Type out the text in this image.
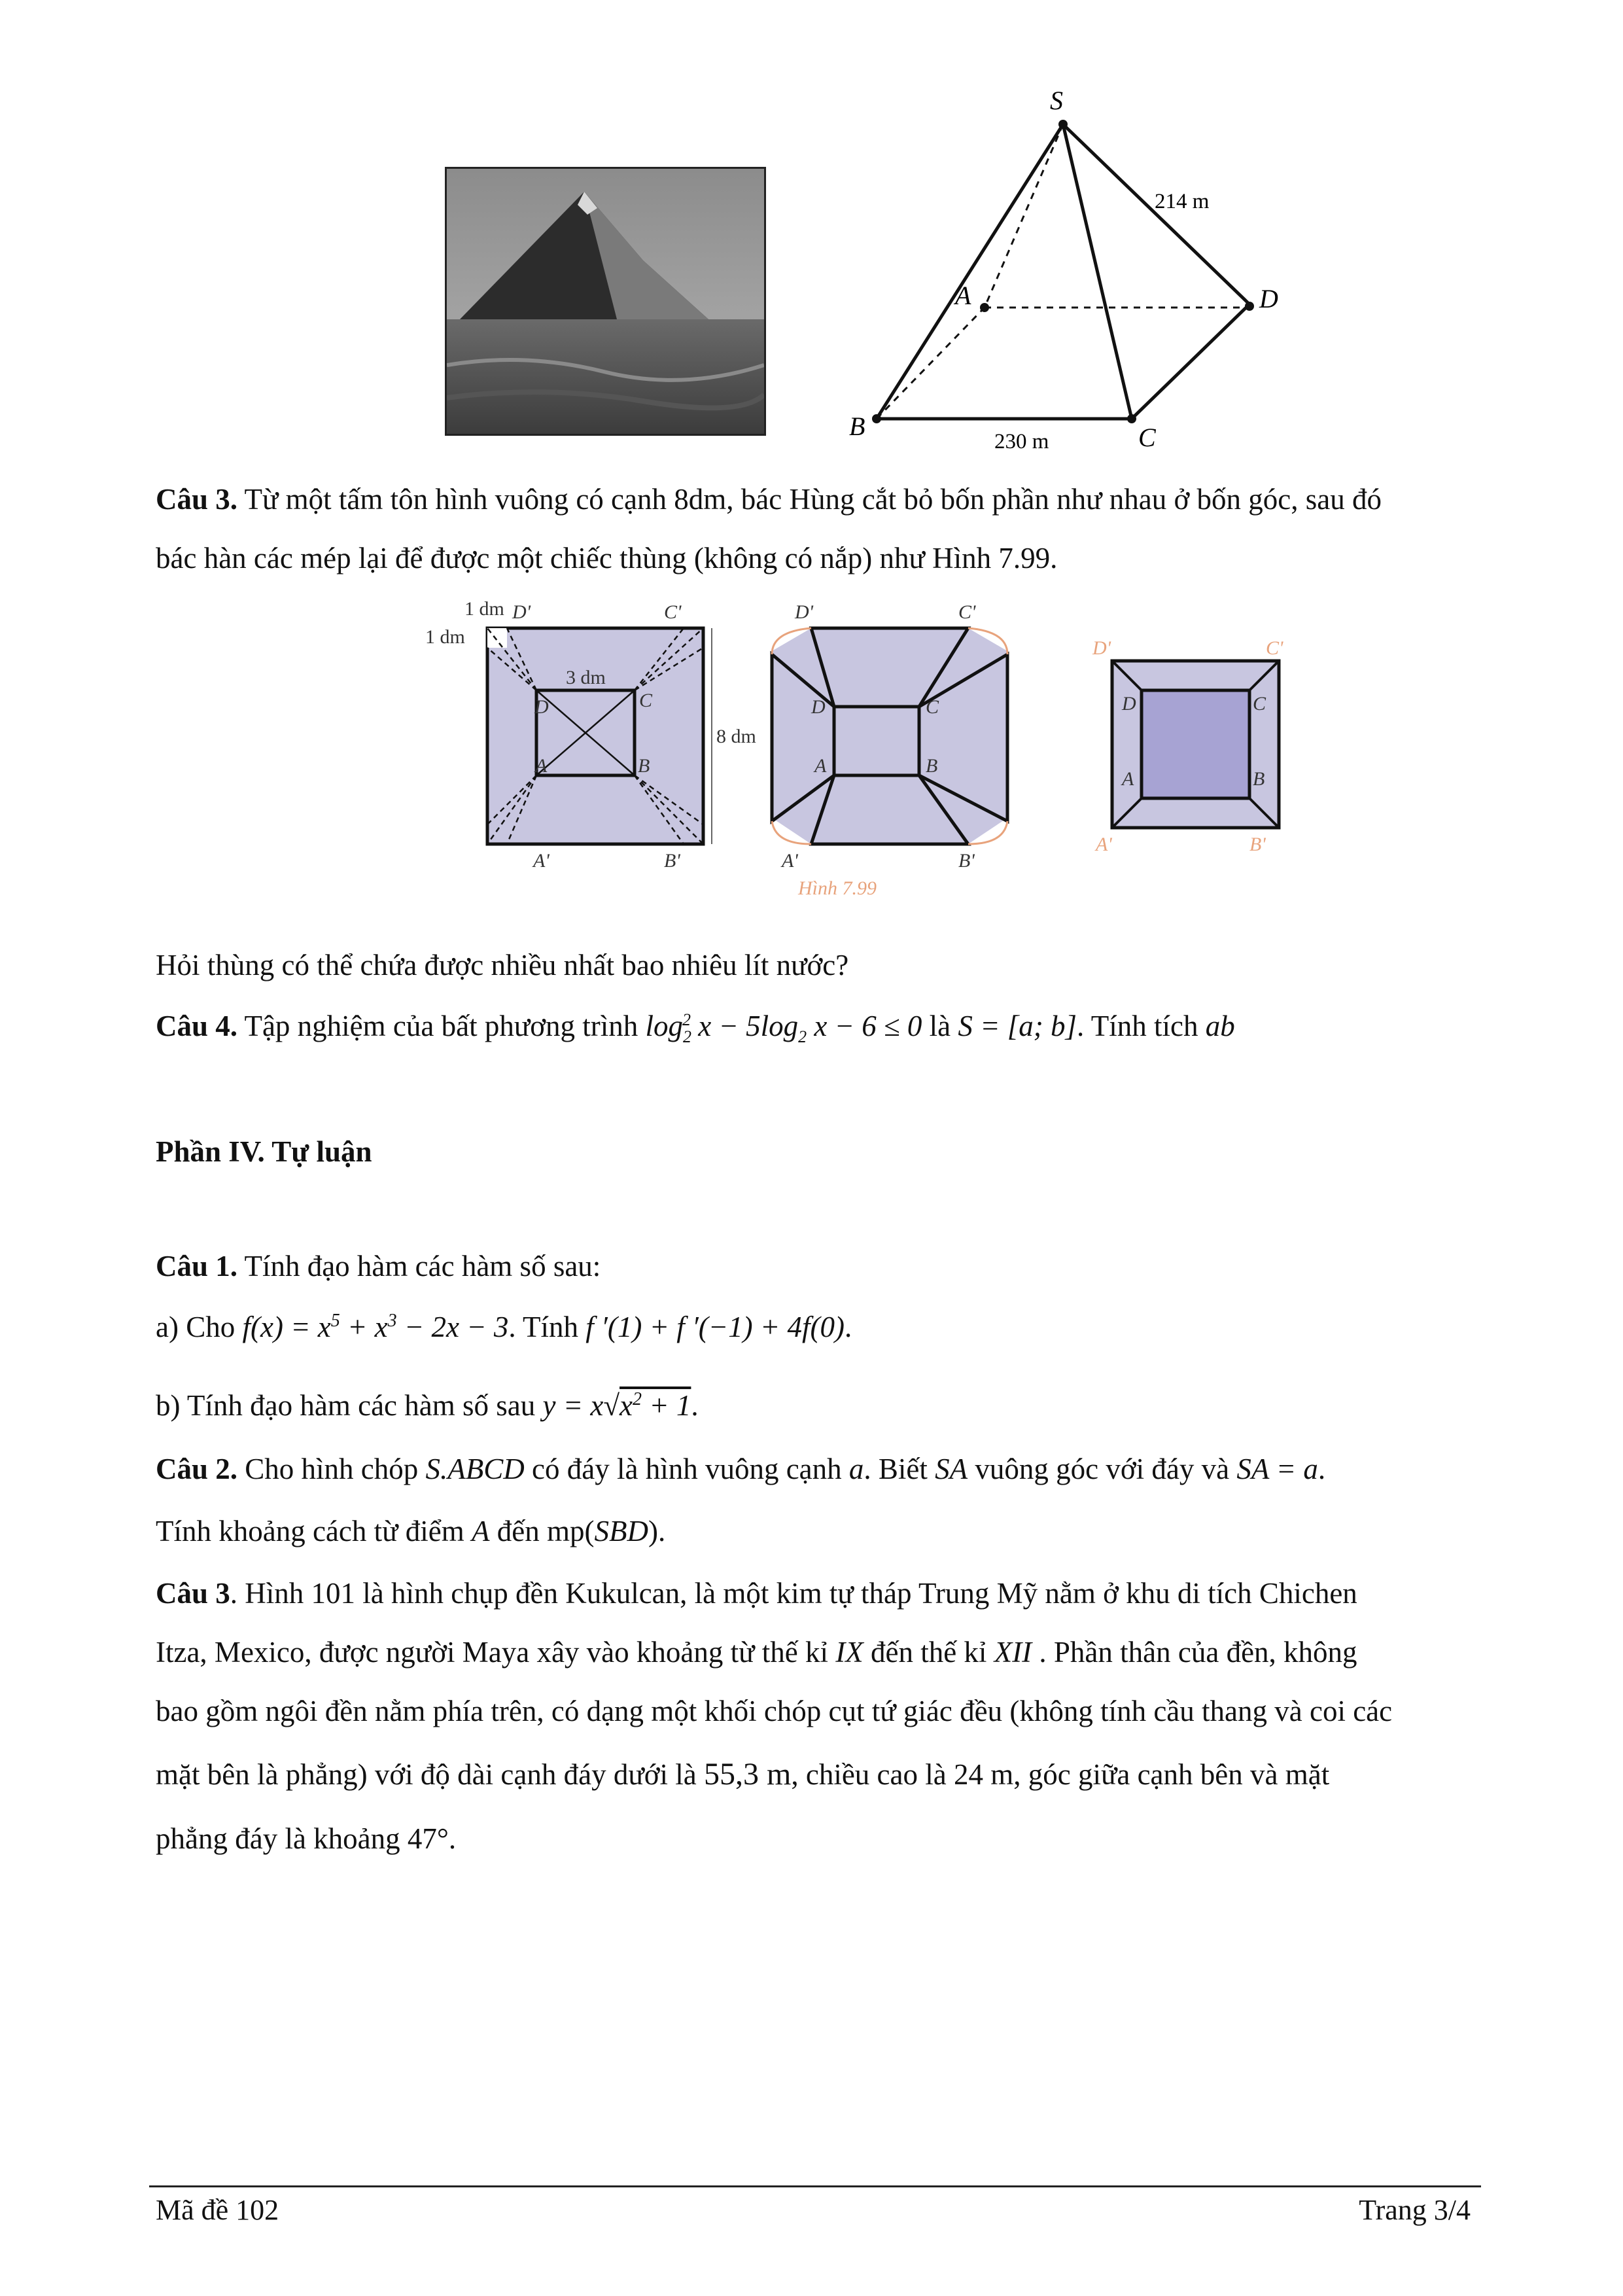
S
A
B	C
D
214 m
230 m
Câu 3. Từ một tấm tôn hình vuông có cạnh 8dm, bác Hùng cắt bỏ bốn phần như nhau ở bốn góc, sau đó
bác hàn các mép lại để được một chiếc thùng (không có nắp) như Hình 7.99.
1 dm
1 dm
3 dm
8 dm
D'	C'
A'	B'
D	C
A	B
D'	C'
A'	B'
D	C
A	B
Hình 7.99
D'	C'
A'	B'
D	C
A	B
Hỏi thùng có thể chứa được nhiều nhất bao nhiêu lít nước?
Câu 4. Tập nghiệm của bất phương trình $\log_2^2 x - 5\log_2$ x − 6 ≤ 0 là S = [a; b]. Tính tích ab
Phần IV. Tự luận
Câu 1. Tính đạo hàm các hàm số sau:
a) Cho $f(x) = x^5 + x^3 - 2x - 3$. Tính f ′(1) + f ′(−1) + 4f(0).
b) Tính đạo hàm các hàm số sau $y = x√x^2 + 1$.
Câu 2. Cho hình chóp S.ABCD có đáy là hình vuông cạnh a. Biết SA vuông góc với đáy và SA = a.
Tính khoảng cách từ điểm A đến mp(SBD).
Câu 3. Hình 101 là hình chụp đền Kukulcan, là một kim tự tháp Trung Mỹ nằm ở khu di tích Chichen
Itza, Mexico, được người Maya xây vào khoảng từ thế kỉ IX đến thế kỉ XII . Phần thân của đền, không
bao gồm ngôi đền nằm phía trên, có dạng một khối chóp cụt tứ giác đều (không tính cầu thang và coi các
mặt bên là phẳng) với độ dài cạnh đáy dưới là 55,3 m, chiều cao là 24 m, góc giữa cạnh bên và mặt
phẳng đáy là khoảng 47°.
Mã đề 102	Trang 3/4
